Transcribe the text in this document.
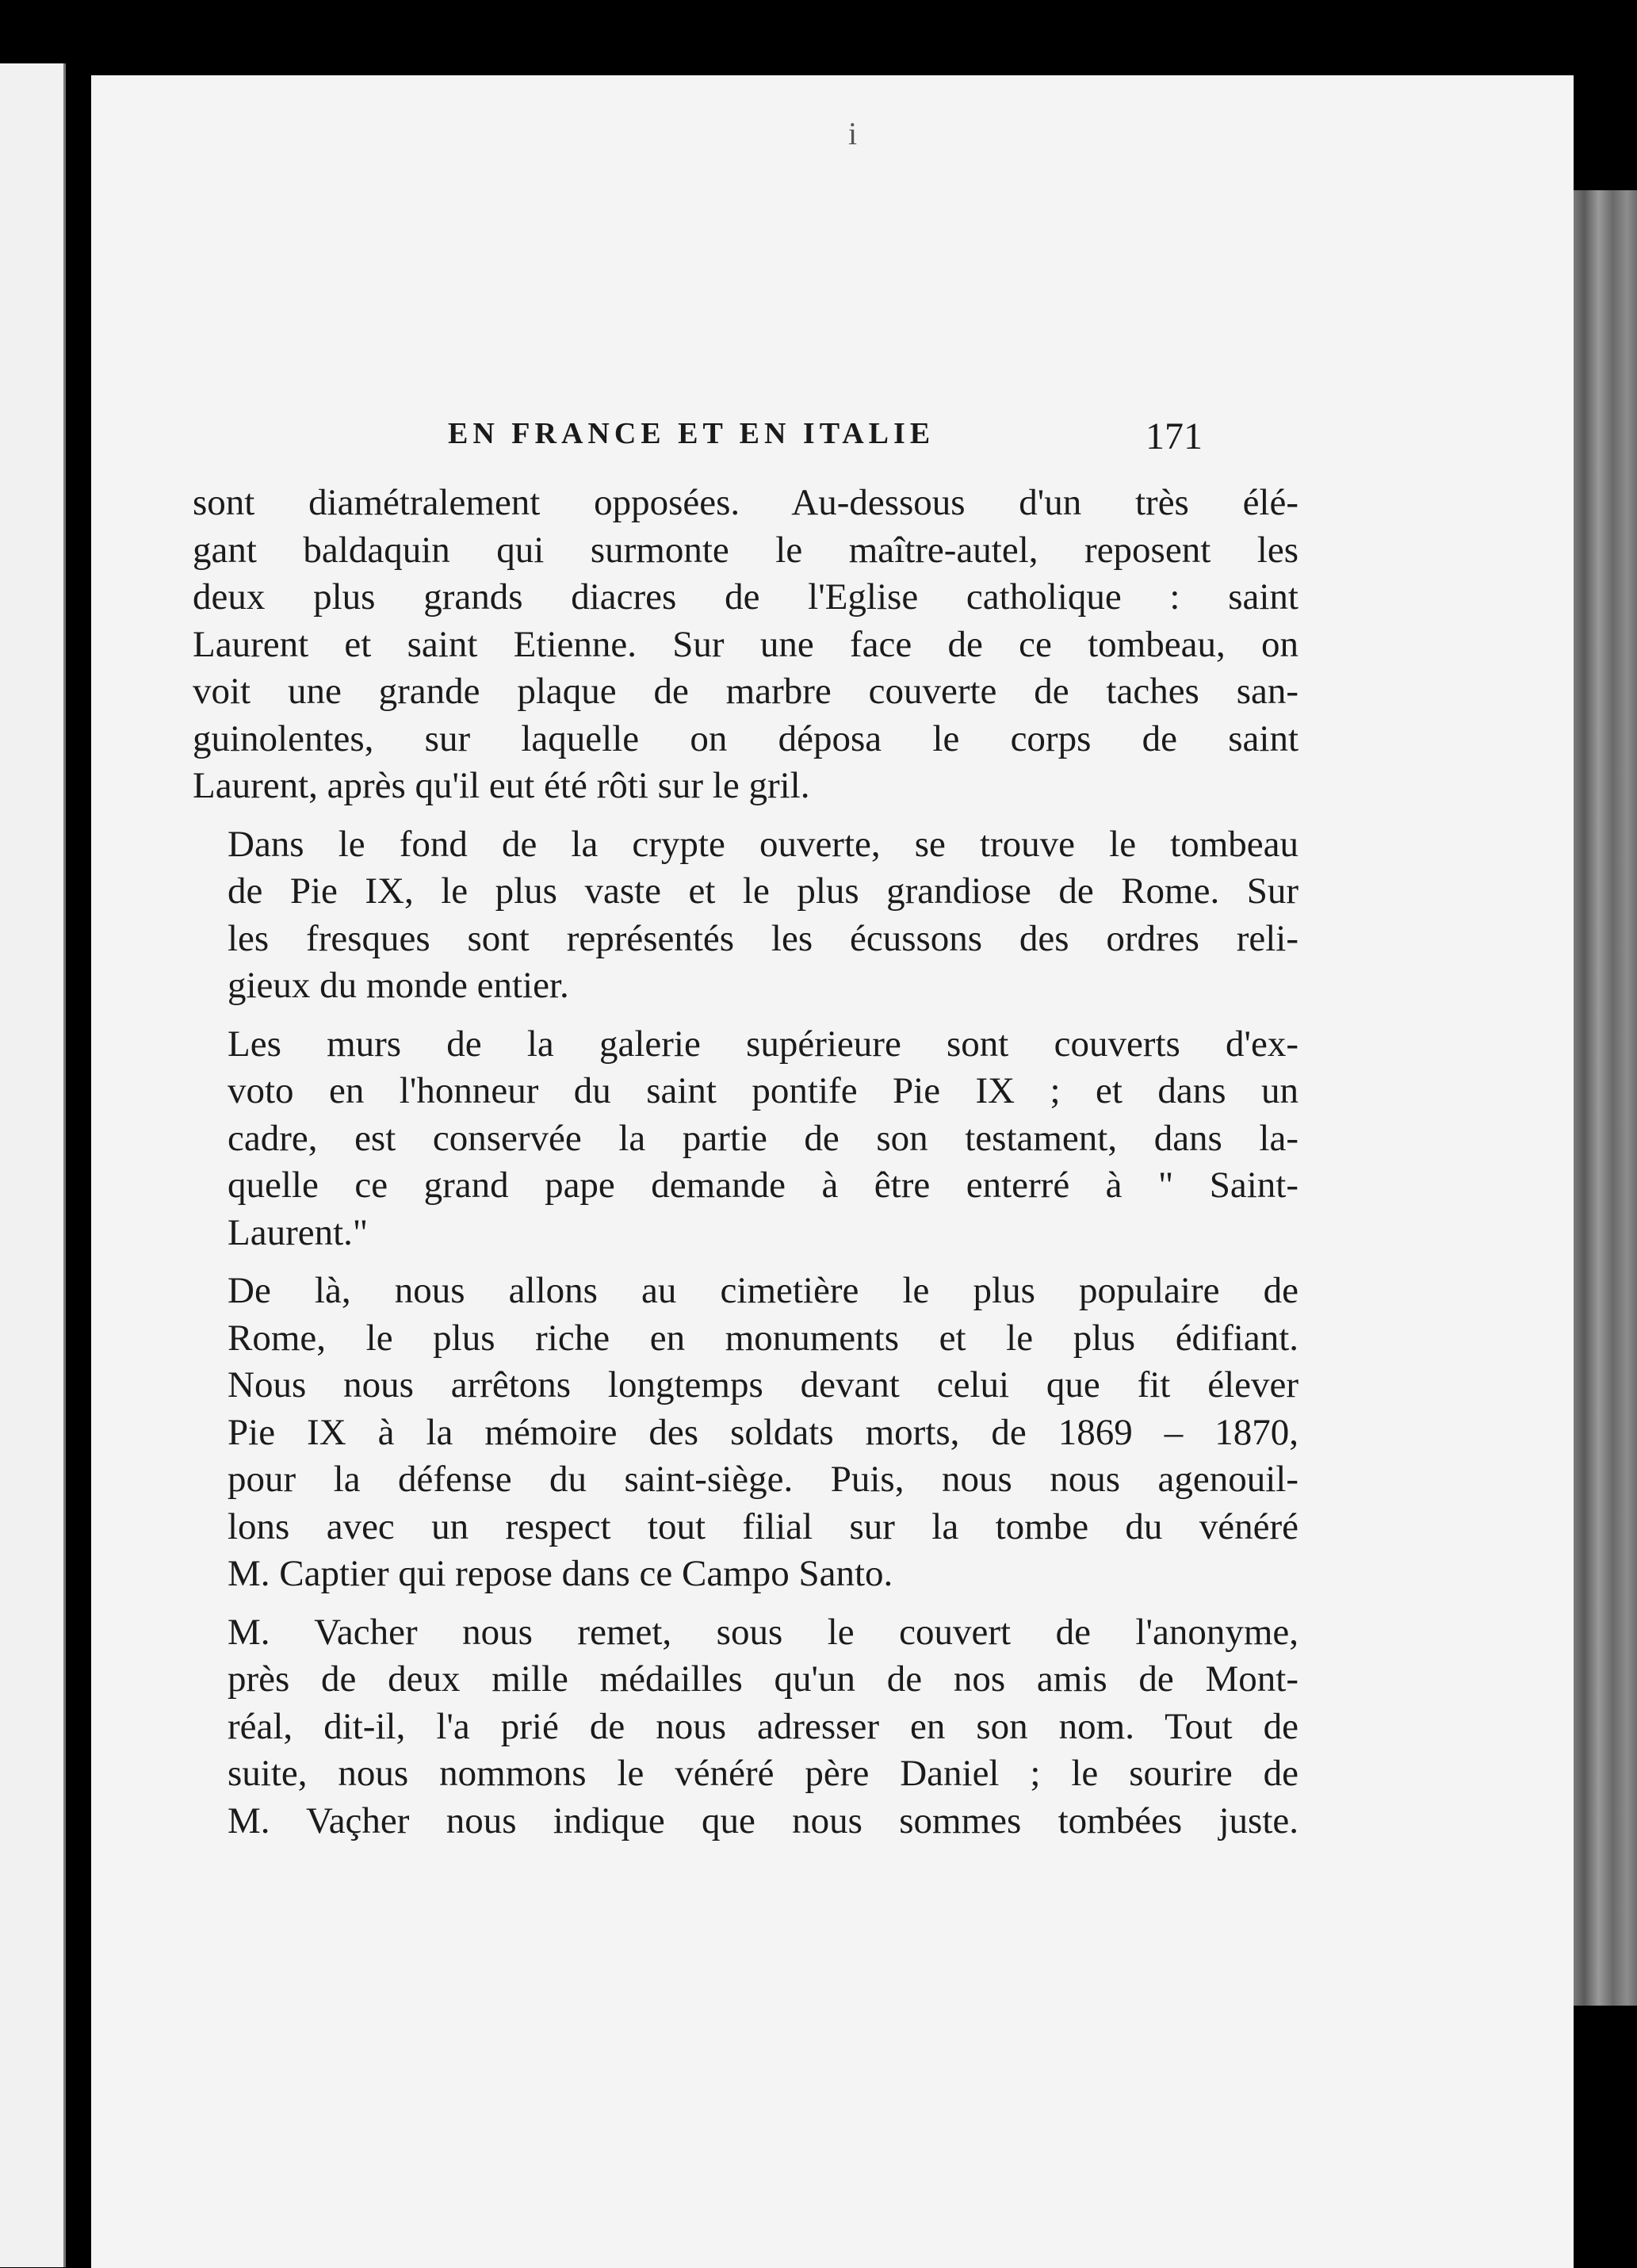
i
EN FRANCE ET EN ITALIE	171
sont diamétralement opposées. Au-dessous d'un très élé-
gant baldaquin qui surmonte le maître-autel, reposent les
deux plus grands diacres de l'Eglise catholique : saint
Laurent et saint Etienne. Sur une face de ce tombeau, on
voit une grande plaque de marbre couverte de taches san-
guinolentes, sur laquelle on déposa le corps de saint
Laurent, après qu'il eut été rôti sur le gril.
Dans le fond de la crypte ouverte, se trouve le tombeau
de Pie IX, le plus vaste et le plus grandiose de Rome. Sur
les fresques sont représentés les écussons des ordres reli-
gieux du monde entier.
Les murs de la galerie supérieure sont couverts d'ex-
voto en l'honneur du saint pontife Pie IX ; et dans un
cadre, est conservée la partie de son testament, dans la-
quelle ce grand pape demande à être enterré à " Saint-
Laurent."
De là, nous allons au cimetière le plus populaire de
Rome, le plus riche en monuments et le plus édifiant.
Nous nous arrêtons longtemps devant celui que fit élever
Pie IX à la mémoire des soldats morts, de 1869 – 1870,
pour la défense du saint-siège. Puis, nous nous agenouil-
lons avec un respect tout filial sur la tombe du vénéré
M. Captier qui repose dans ce Campo Santo.
M. Vacher nous remet, sous le couvert de l'anonyme,
près de deux mille médailles qu'un de nos amis de Mont-
réal, dit-il, l'a prié de nous adresser en son nom. Tout de
suite, nous nommons le vénéré père Daniel ; le sourire de
M. Vaçher nous indique que nous sommes tombées juste.
